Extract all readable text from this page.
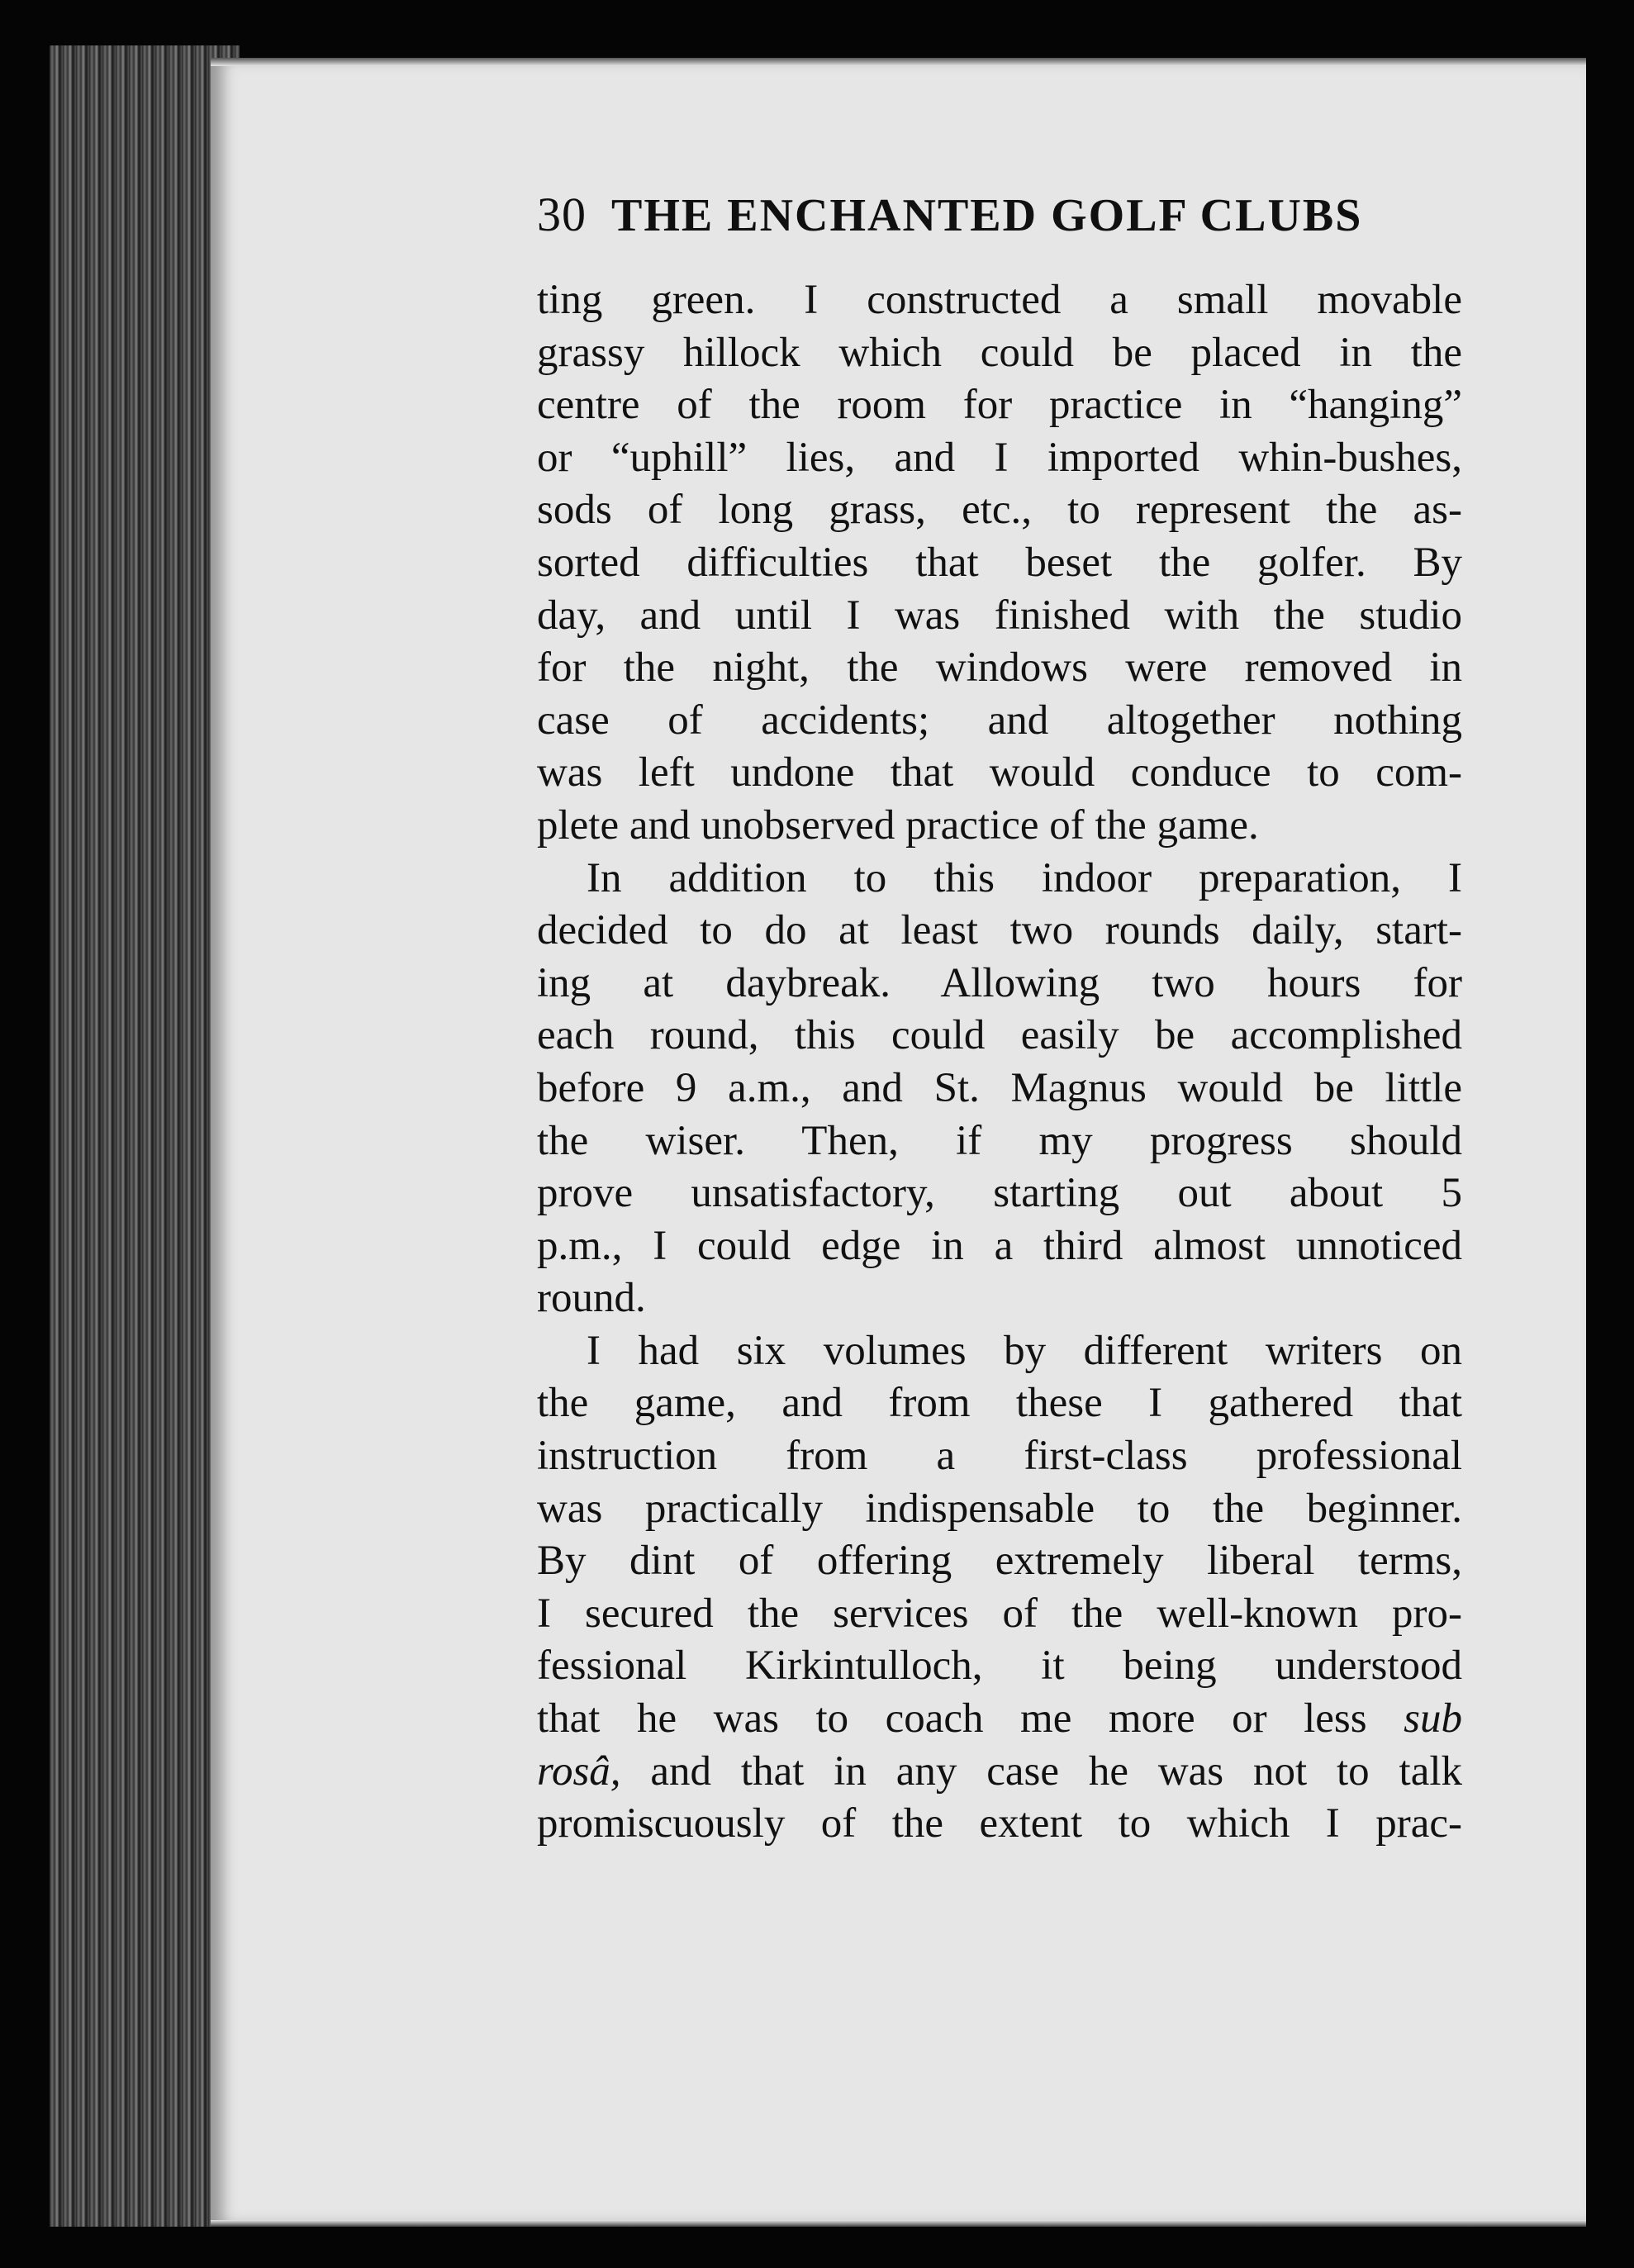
30 THE ENCHANTED GOLF CLUBS
ting green. I constructed a small movable
grassy hillock which could be placed in the
centre of the room for practice in “hanging”
or “uphill” lies, and I imported whin-bushes,
sods of long grass, etc., to represent the as-
sorted difficulties that beset the golfer. By
day, and until I was finished with the studio
for the night, the windows were removed in
case of accidents; and altogether nothing
was left undone that would conduce to com-
plete and unobserved practice of the game.
In addition to this indoor preparation, I
decided to do at least two rounds daily, start-
ing at daybreak. Allowing two hours for
each round, this could easily be accomplished
before 9 a.m., and St. Magnus would be little
the wiser. Then, if my progress should
prove unsatisfactory, starting out about 5
p.m., I could edge in a third almost unnoticed
round.
I had six volumes by different writers on
the game, and from these I gathered that
instruction from a first-class professional
was practically indispensable to the beginner.
By dint of offering extremely liberal terms,
I secured the services of the well-known pro-
fessional Kirkintulloch, it being understood
that he was to coach me more or less sub
rosâ, and that in any case he was not to talk
promiscuously of the extent to which I prac-
